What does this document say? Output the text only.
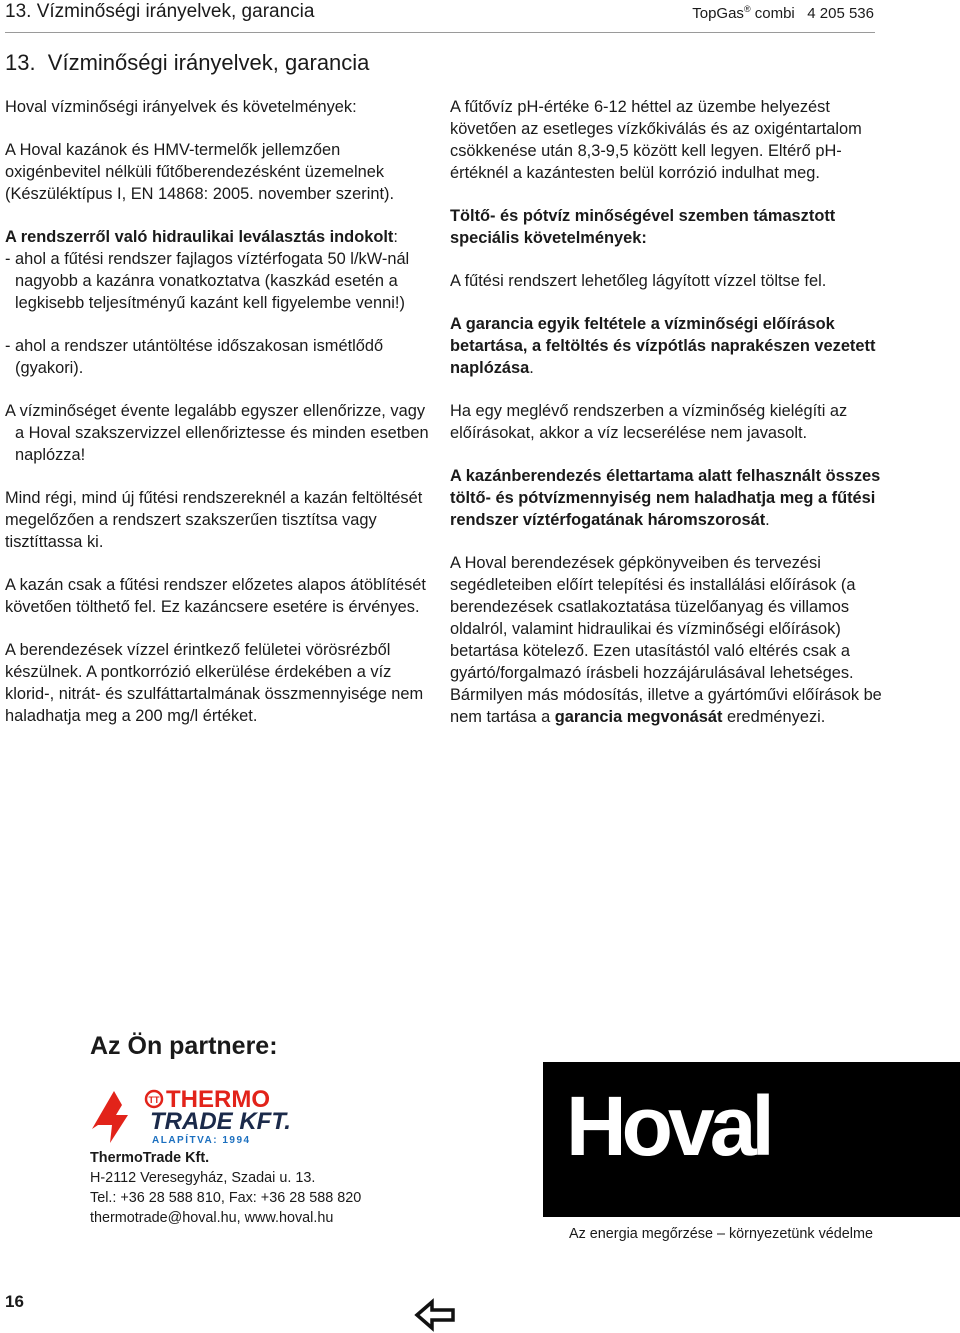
13. Vízminőségi irányelvek, garancia	TopGas® combi   4 205 536
13.  Vízminőségi irányelvek, garancia

Hoval vízminőségi irányelvek és követelmények:

A Hoval kazánok és HMV-termelők jellemzően oxigénbevitel nélküli fűtőberendezésként üzemelnek (Készüléktípus I, EN 14868: 2005. november szerint).

A rendszerről való hidraulikai leválasztás indokolt:

- ahol a fűtési rendszer fajlagos víztérfogata 50 l/kW-nál nagyobb a kazánra vonatkoztatva (kaszkád esetén a legkisebb teljesítményű kazánt kell figyelembe venni!)

- ahol a rendszer utántöltése időszakosan ismétlődő (gyakori).

A vízminőséget évente legalább egyszer ellenőrizze, vagy a Hoval szakszervizzel ellenőriztesse és minden esetben naplózza!

Mind régi, mind új fűtési rendszereknél a kazán feltöltését megelőzően a rendszert szakszerűen tisztítsa vagy tisztíttassa ki.

A kazán csak a fűtési rendszer előzetes alapos átöblítését követően tölthető fel. Ez kazáncsere esetére is érvényes.

A berendezések vízzel érintkező felületei vörösrézből készülnek. A pontkorrózió elkerülése érdekében a víz klorid-, nitrát- és szulfáttartalmának összmennyisége nem haladhatja meg a 200 mg/l értéket.

A fűtővíz pH-értéke 6-12 héttel az üzembe helyezést követően az esetleges vízkőkiválás és az oxigéntartalom csökkenése után 8,3-9,5 között kell legyen. Eltérő pH-értéknél a kazántesten belül korrózió indulhat meg.

Töltő- és pótvíz minőségével szemben támasztott speciális követelmények:

A fűtési rendszert lehetőleg lágyított vízzel töltse fel.

A garancia egyik feltétele a vízminőségi előírások betartása, a feltöltés és vízpótlás naprakészen vezetett naplózása.

Ha egy meglévő rendszerben a vízminőség kielégíti az előírásokat, akkor a víz lecserélése nem javasolt.

A kazánberendezés élettartama alatt felhasznált összes töltő- és pótvízmennyiség nem haladhatja meg a fűtési rendszer víztérfogatának háromszorosát.

A Hoval berendezések gépkönyveiben és tervezési segédleteiben előírt telepítési és installálási előírások (a berendezések csatlakoztatása tüzelőanyag és villamos oldalról, valamint hidraulikai és vízminőségi előírások) betartása kötelező. Ezen utasítástól való eltérés csak a gyártó/forgalmazó írásbeli hozzájárulásával lehetséges. Bármilyen más módosítás, illetve a gyártóművi előírások be nem tartása a garancia megvonását eredményezi.

Az Ön partnere:
TT THERMO
TRADE KFT.
ALAPÍTVA: 1994
ThermoTrade Kft.
H-2112 Veresegyház, Szadai u. 13.
Tel.: +36 28 588 810, Fax: +36 28 588 820
thermotrade@hoval.hu, www.hoval.hu
Hoval
Az energia megőrzése – környezetünk védelme
16
